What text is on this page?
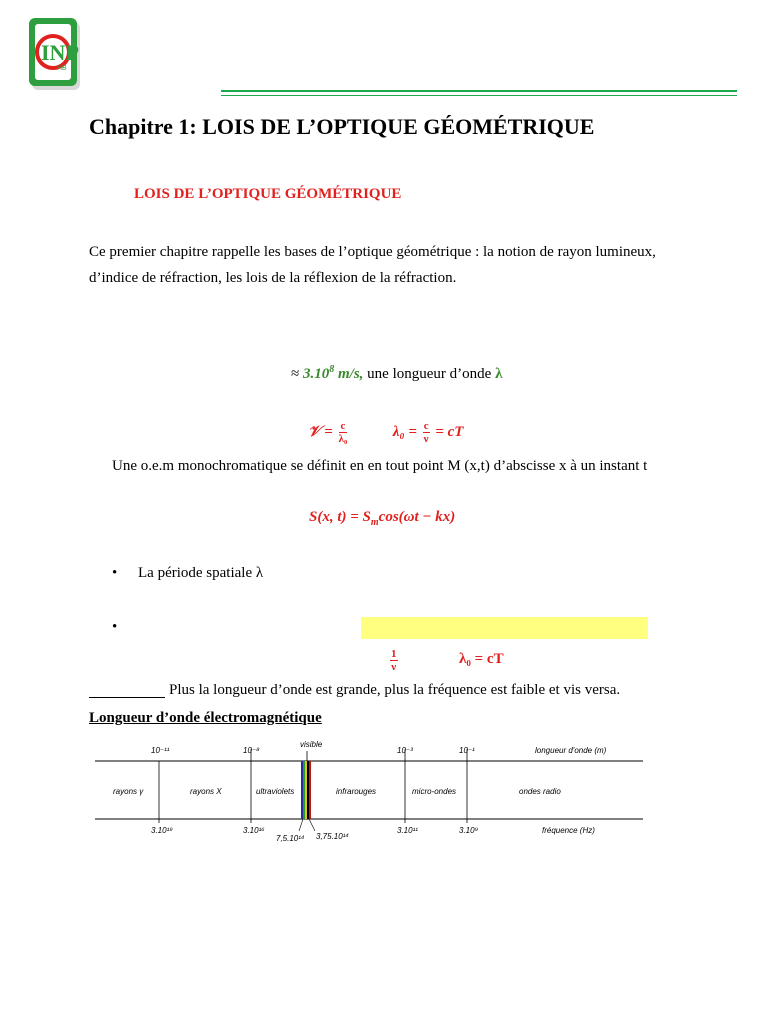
INP
HB
Chapitre 1: LOIS DE L’OPTIQUE GÉOMÉTRIQUE
LOIS DE L’OPTIQUE GÉOMÉTRIQUE

Ce premier chapitre rappelle les bases de l’optique géométrique : la notion de rayon lumineux,

d’indice de réfraction, les lois de la réflexion de la réfraction.

≈ $3.10^8$ m/s, une longueur d’onde λ
𝒱 = $\frac{c}{\text{λ₀}}$	$\lambda_0 = \frac{c}{\nu}$ = cT
Une o.e.m monochromatique se définit en en tout point M (x,t) d’abscisse x à un instant t
S(x, $t) = S_m\cos(\omega t - kx)$
• La période spatiale λ
•
$\frac{1}{\nu}$	λ₀ = cT
Plus la longueur d’onde est grande, plus la fréquence est faible et vis versa.
Longueur d’onde électromagnétique
visible
10⁻¹¹	10⁻⁸	10⁻³	10⁻¹	longueur d'onde (m)
rayons γ	rayons X	ultraviolets	infrarouges	micro-ondes	ondes radio
3.10¹⁹	3.10¹⁶
7,5.10¹⁴ 3,75.10¹⁴
3.10¹¹	3.10⁹	fréquence (Hz)
